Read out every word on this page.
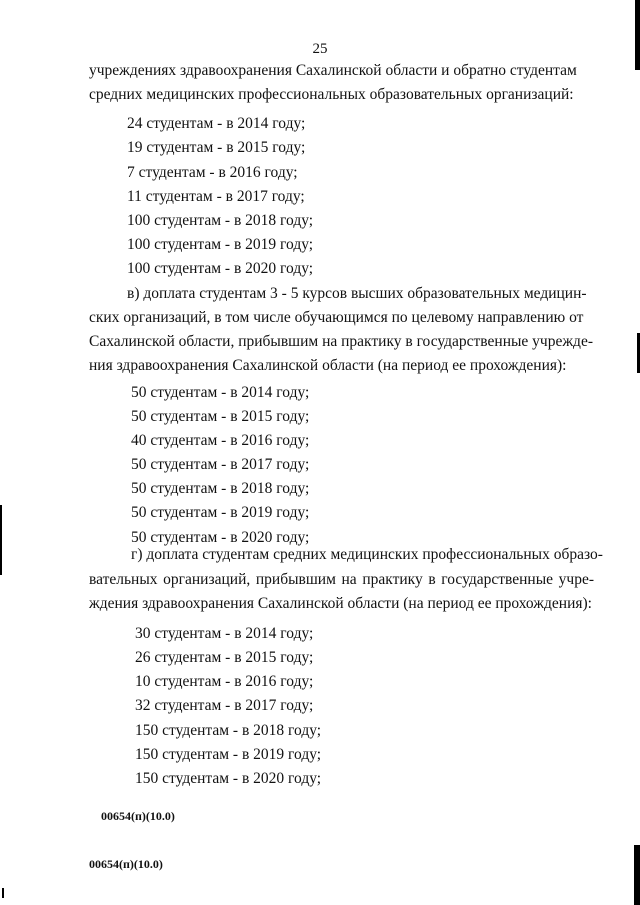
25
учреждениях здравоохранения Сахалинской области и обратно студентам
средних медицинских профессиональных образовательных организаций:
24 студентам - в 2014 году;
19 студентам - в 2015 году;
7 студентам - в 2016 году;
11 студентам - в 2017 году;
100 студентам - в 2018 году;
100 студентам - в 2019 году;
100 студентам - в 2020 году;
в) доплата студентам 3 - 5 курсов высших образовательных медицин-
ских организаций, в том числе обучающимся по целевому направлению от
Сахалинской области, прибывшим на практику в государственные учрежде-
ния здравоохранения Сахалинской области (на период ее прохождения):
50 студентам - в 2014 году;
50 студентам - в 2015 году;
40 студентам - в 2016 году;
50 студентам - в 2017 году;
50 студентам - в 2018 году;
50 студентам - в 2019 году;
50 студентам - в 2020 году;
г) доплата студентам средних медицинских профессиональных образо-
вательных организаций, прибывшим на практику в государственные учре-
ждения здравоохранения Сахалинской области (на период ее прохождения):
30 студентам - в 2014 году;
26 студентам - в 2015 году;
10 студентам - в 2016 году;
32 студентам - в 2017 году;
150 студентам - в 2018 году;
150 студентам - в 2019 году;
150 студентам - в 2020 году;
00654(п)(10.0)
00654(п)(10.0)
